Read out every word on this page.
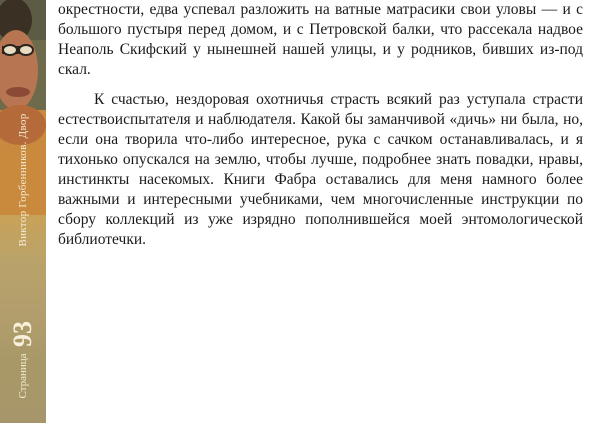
Виктор Горбенников. Двор
93
Страница

окрестности, едва успевал разложить на ватные матрасики свои уловы — и с большого пустыря перед домом, и с Петровской балки, что рассекала надвое Неаполь Скифский у нынешней нашей улицы, и у родников, бивших из-под скал.

К счастью, нездоровая охотничья страсть всякий раз уступала страсти естествоиспытателя и наблюдателя. Какой бы заманчивой «дичь» ни была, но, если она творила что-либо интересное, рука с сачком останавливалась, и я тихонько опускался на землю, чтобы лучше, подробнее знать повадки, нравы, инстинкты насекомых. Книги Фабра оставались для меня намного более важными и интересными учебниками, чем многочисленные инструкции по сбору коллекций из уже изрядно пополнившейся моей энтомологической библиотечки.
